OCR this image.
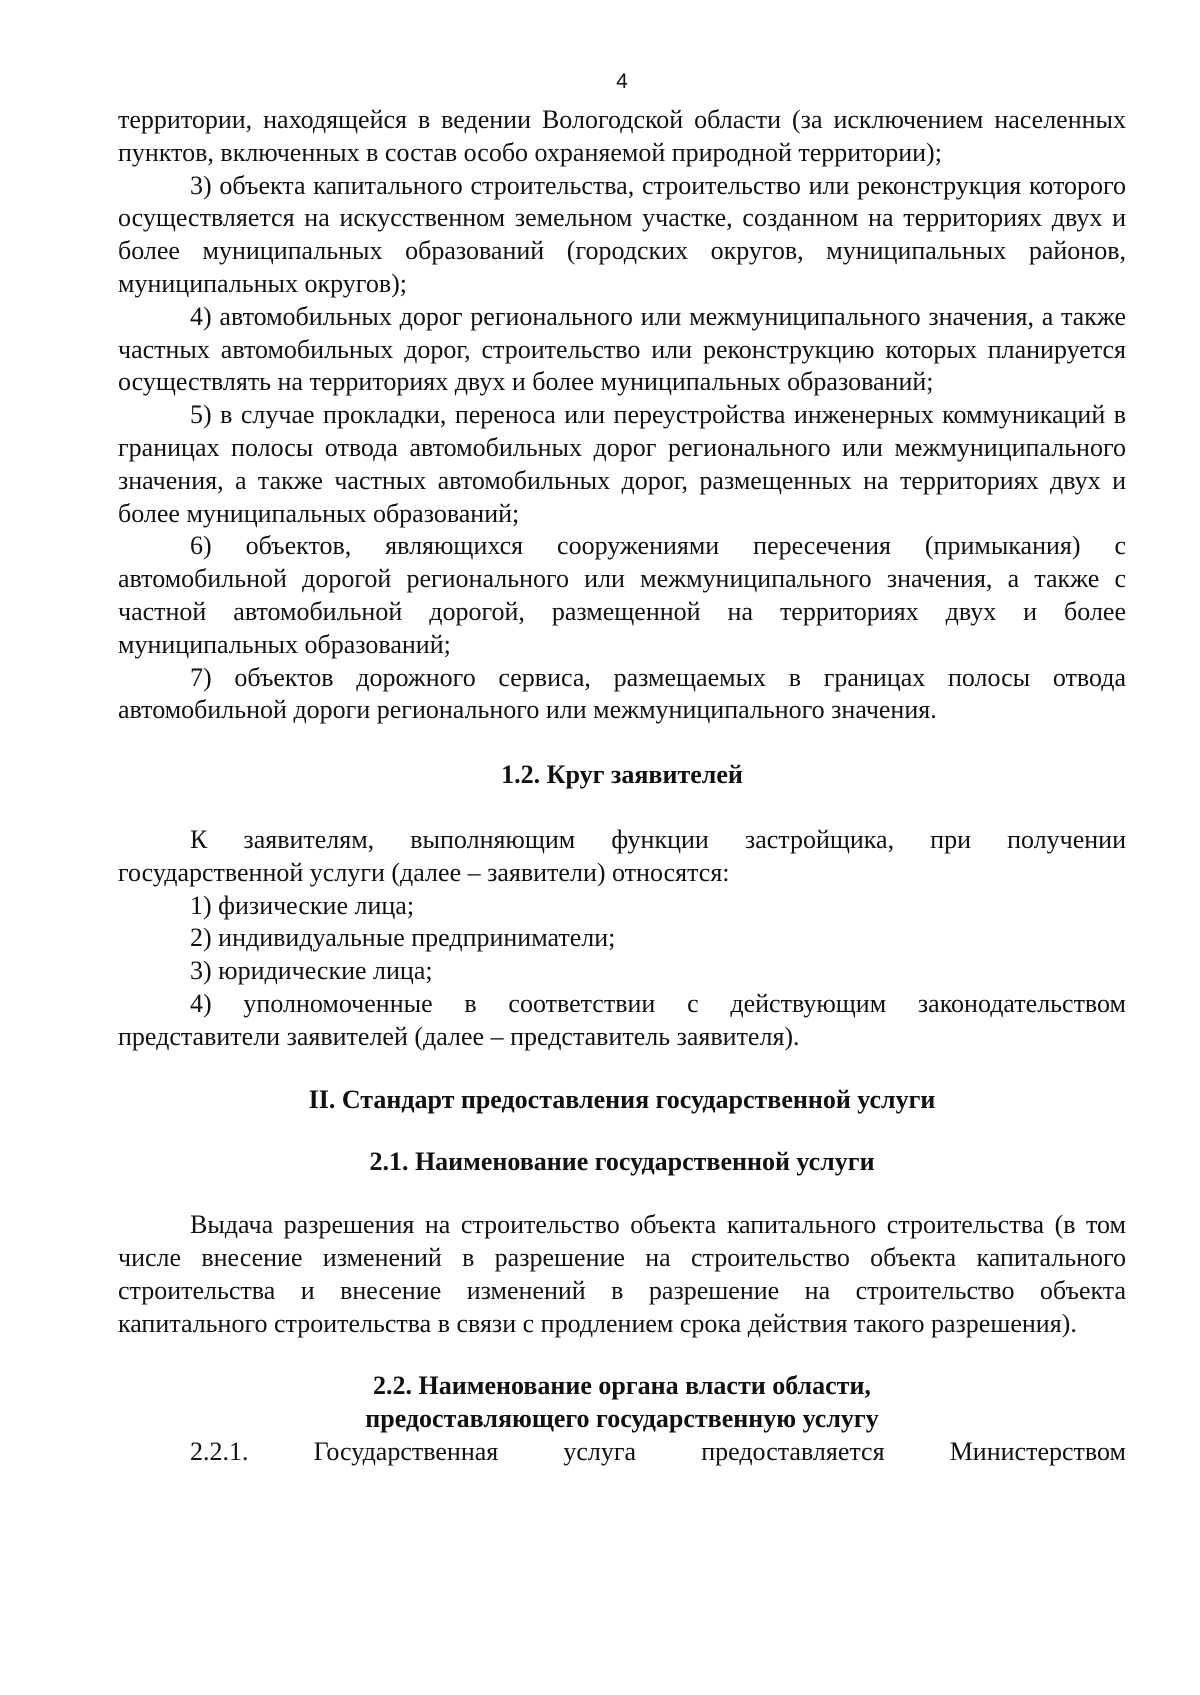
4

территории, находящейся в ведении Вологодской области (за исключением населенных пунктов, включенных в состав особо охраняемой природной территории);

3) объекта капитального строительства, строительство или реконструкция которого осуществляется на искусственном земельном участке, созданном на территориях двух и более муниципальных образований (городских округов, муниципальных районов, муниципальных округов);

4) автомобильных дорог регионального или межмуниципального значения, а также частных автомобильных дорог, строительство или реконструкцию которых планируется осуществлять на территориях двух и более муниципальных образований;

5) в случае прокладки, переноса или переустройства инженерных коммуникаций в границах полосы отвода автомобильных дорог регионального или межмуниципального значения, а также частных автомобильных дорог, размещенных на территориях двух и более муниципальных образований;

6) объектов, являющихся сооружениями пересечения (примыкания) с автомобильной дорогой регионального или межмуниципального значения, а также с частной автомобильной дорогой, размещенной на территориях двух и более муниципальных образований;

7) объектов дорожного сервиса, размещаемых в границах полосы отвода автомобильной дороги регионального или межмуниципального значения.

1.2. Круг заявителей

К заявителям, выполняющим функции застройщика, при получении государственной услуги (далее – заявители) относятся:

1) физические лица;

2) индивидуальные предприниматели;

3) юридические лица;

4) уполномоченные в соответствии с действующим законодательством представители заявителей (далее – представитель заявителя).

II. Стандарт предоставления государственной услуги
2.1. Наименование государственной услуги

Выдача разрешения на строительство объекта капитального строительства (в том числе внесение изменений в разрешение на строительство объекта капитального строительства и внесение изменений в разрешение на строительство объекта капитального строительства в связи с продлением срока действия такого разрешения).

2.2. Наименование органа власти области,
предоставляющего государственную услугу
2.2.1.	Государственная	услуга	предоставляется	Министерством
